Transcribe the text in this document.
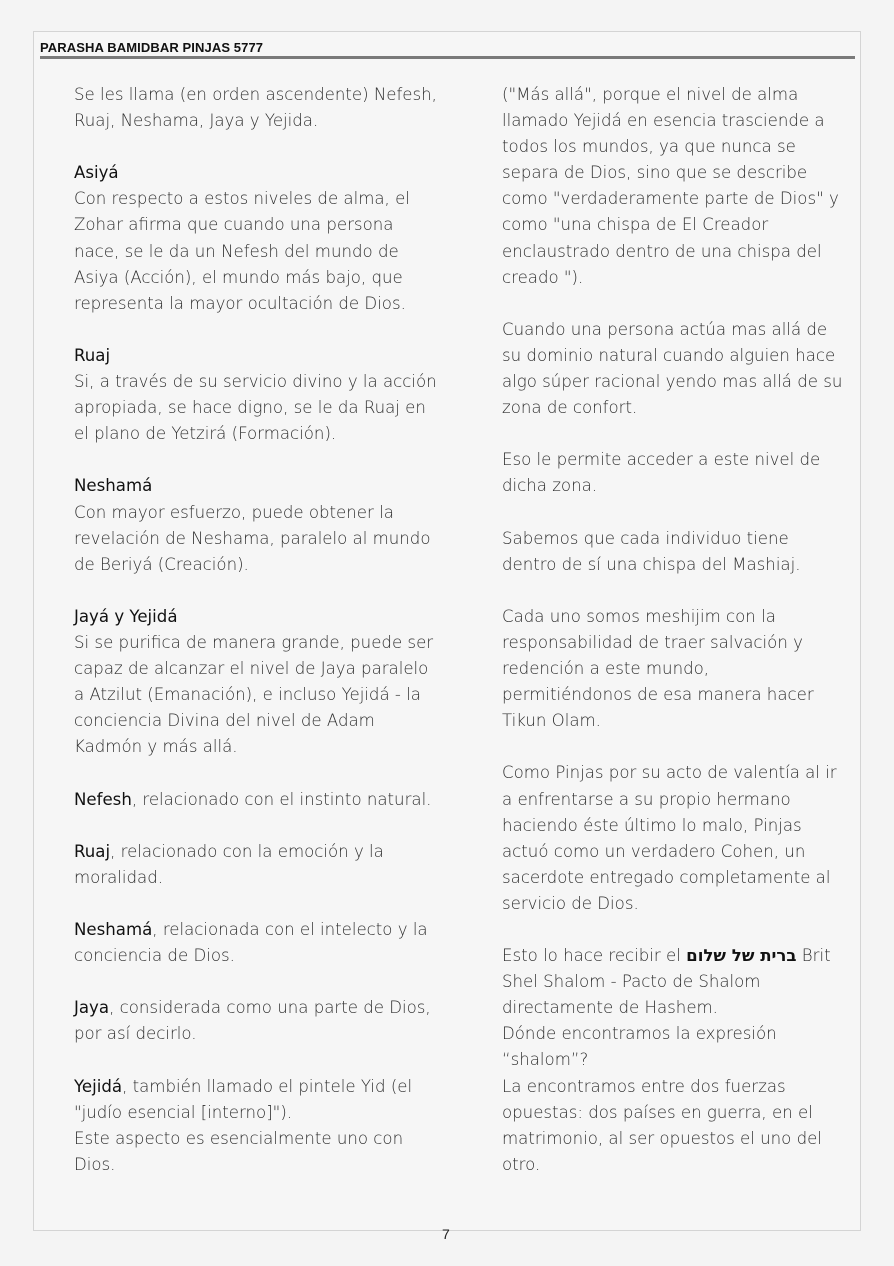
PARASHA BAMIDBAR PINJAS 5777
Se les llama (en orden ascendente) Nefesh,
Ruaj, Neshama, Jaya y Yejida.
Asiyá
Con respecto a estos niveles de alma, el
Zohar afirma que cuando una persona
nace, se le da un Nefesh del mundo de
Asiya (Acción), el mundo más bajo, que
representa la mayor ocultación de Dios.
Ruaj
Si, a través de su servicio divino y la acción
apropiada, se hace digno, se le da Ruaj en
el plano de Yetzirá (Formación).
Neshamá
Con mayor esfuerzo, puede obtener la
revelación de Neshama, paralelo al mundo
de Beriyá (Creación).
Jayá y Yejidá
Si se purifica de manera grande, puede ser
capaz de alcanzar el nivel de Jaya paralelo
a Atzilut (Emanación), e incluso Yejidá - la
conciencia Divina del nivel de Adam
Kadmón y más allá.
Nefesh, relacionado con el instinto natural.
Ruaj, relacionado con la emoción y la
moralidad.
Neshamá, relacionada con el intelecto y la
conciencia de Dios.
Jaya, considerada como una parte de Dios,
por así decirlo.
Yejidá, también llamado el pintele Yid (el
"judío esencial [interno]").
Este aspecto es esencialmente uno con
Dios.
("Más allá", porque el nivel de alma
llamado Yejidá en esencia trasciende a
todos los mundos, ya que nunca se
separa de Dios, sino que se describe
como "verdaderamente parte de Dios" y
como "una chispa de El Creador
enclaustrado dentro de una chispa del
creado ").
Cuando una persona actúa mas allá de
su dominio natural cuando alguien hace
algo súper racional yendo mas allá de su
zona de confort.
Eso le permite acceder a este nivel de
dicha zona.
Sabemos que cada individuo tiene
dentro de sí una chispa del Mashiaj.
Cada uno somos meshijim con la
responsabilidad de traer salvación y
redención a este mundo,
permitiéndonos de esa manera hacer
Tikun Olam.
Como Pinjas por su acto de valentía al ir
a enfrentarse a su propio hermano
haciendo éste último lo malo, Pinjas
actuó como un verdadero Cohen, un
sacerdote entregado completamente al
servicio de Dios.
Esto lo hace recibir el ברית של שלום Brit
Shel Shalom - Pacto de Shalom
directamente de Hashem.
Dónde encontramos la expresión
“shalom”?
La encontramos entre dos fuerzas
opuestas: dos países en guerra, en el
matrimonio, al ser opuestos el uno del
otro.
7
